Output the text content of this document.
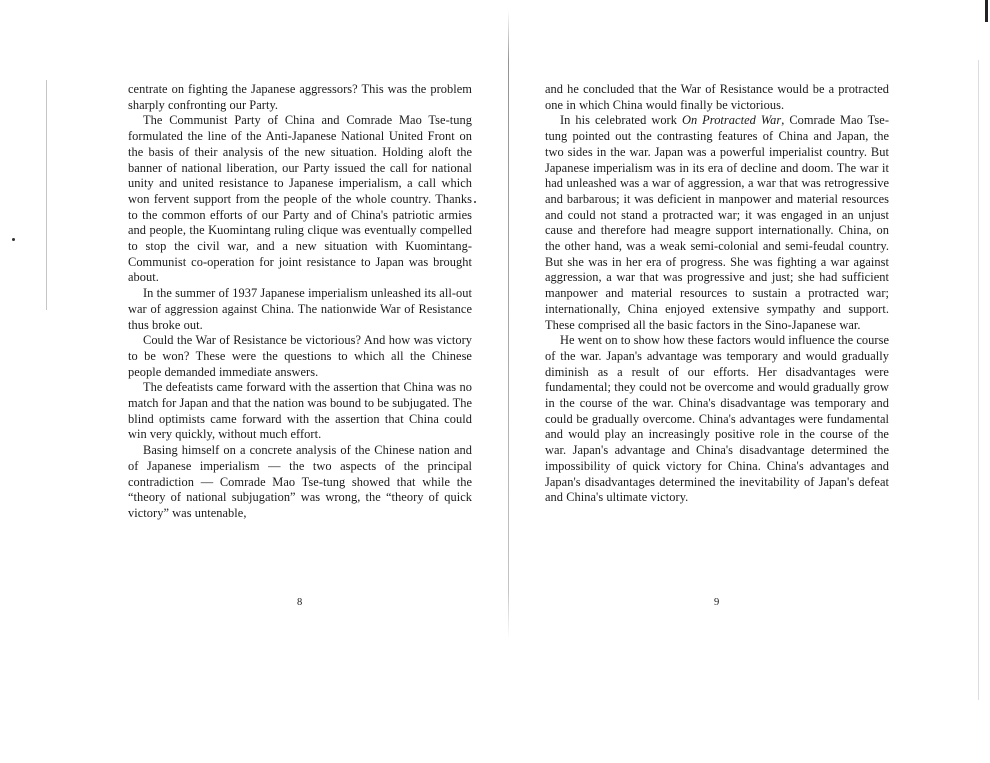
centrate on fighting the Japanese aggressors? This was the problem sharply confronting our Party.

The Communist Party of China and Comrade Mao Tse-tung formulated the line of the Anti-Japanese National United Front on the basis of their analysis of the new situation. Holding aloft the banner of national liberation, our Party issued the call for national unity and united resistance to Japanese imperialism, a call which won fervent support from the people of the whole country. Thanks to the common efforts of our Party and of China's patriotic armies and people, the Kuomintang ruling clique was eventually compelled to stop the civil war, and a new situation with Kuomintang-Communist co-operation for joint resistance to Japan was brought about.

In the summer of 1937 Japanese imperialism unleashed its all-out war of aggression against China. The nationwide War of Resistance thus broke out.

Could the War of Resistance be victorious? And how was victory to be won? These were the questions to which all the Chinese people demanded immediate answers.

The defeatists came forward with the assertion that China was no match for Japan and that the nation was bound to be subjugated. The blind optimists came forward with the assertion that China could win very quickly, without much effort.

Basing himself on a concrete analysis of the Chinese nation and of Japanese imperialism — the two aspects of the principal contradiction — Comrade Mao Tse-tung showed that while the “theory of national subjugation” was wrong, the “theory of quick victory” was untenable,

8

and he concluded that the War of Resistance would be a protracted one in which China would finally be victorious.

In his celebrated work On Protracted War, Comrade Mao Tse-tung pointed out the contrasting features of China and Japan, the two sides in the war. Japan was a powerful imperialist country. But Japanese imperialism was in its era of decline and doom. The war it had unleashed was a war of aggression, a war that was retrogressive and barbarous; it was deficient in manpower and material resources and could not stand a protracted war; it was engaged in an unjust cause and therefore had meagre support internationally. China, on the other hand, was a weak semi-colonial and semi-feudal country. But she was in her era of progress. She was fighting a war against aggression, a war that was progressive and just; she had sufficient manpower and material resources to sustain a protracted war; internationally, China enjoyed extensive sympathy and support. These comprised all the basic factors in the Sino-Japanese war.

He went on to show how these factors would influence the course of the war. Japan's advantage was temporary and would gradually diminish as a result of our efforts. Her disadvantages were fundamental; they could not be overcome and would gradually grow in the course of the war. China's disadvantage was temporary and could be gradually overcome. China's advantages were fundamental and would play an increasingly positive role in the course of the war. Japan's advantage and China's disadvantage determined the impossibility of quick victory for China. China's advantages and Japan's disadvantages determined the inevitability of Japan's defeat and China's ultimate victory.

9
